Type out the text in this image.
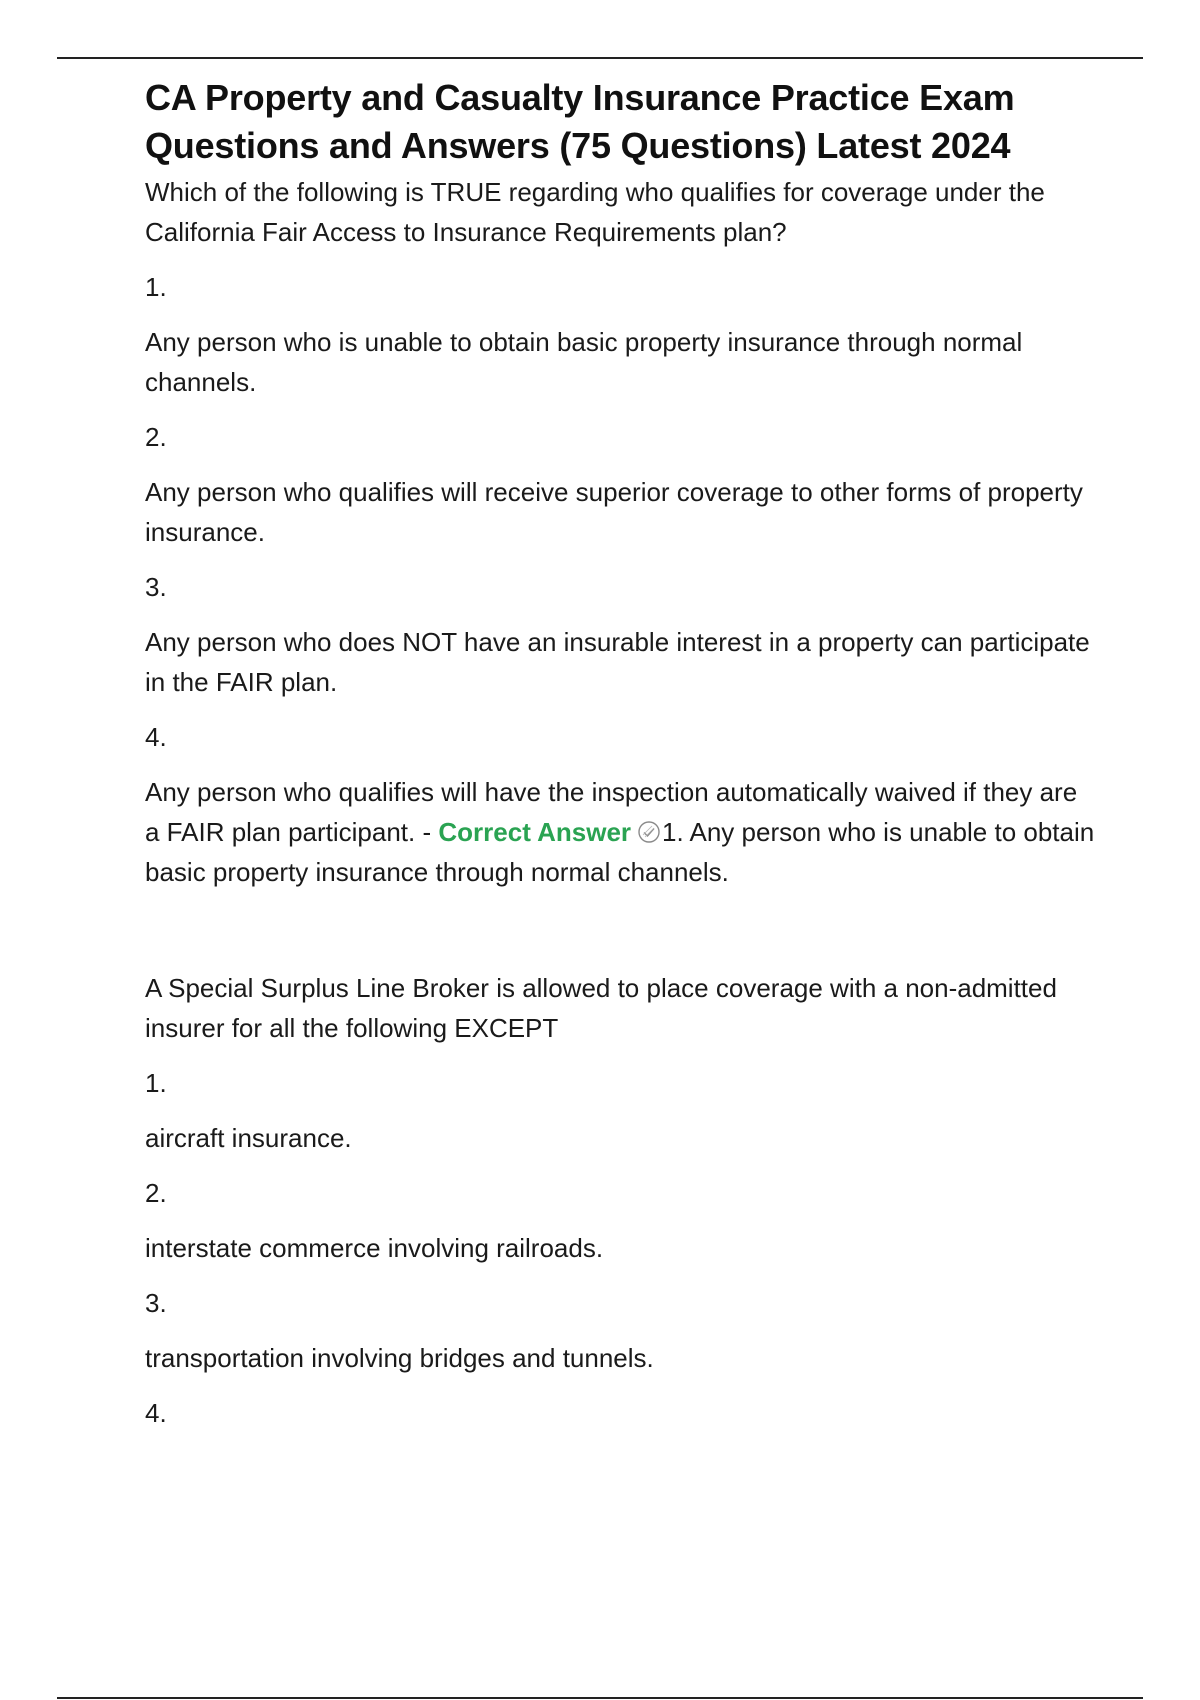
CA Property and Casualty Insurance Practice Exam Questions and Answers (75 Questions) Latest 2024

Which of the following is TRUE regarding who qualifies for coverage under the California Fair Access to Insurance Requirements plan?

1.

Any person who is unable to obtain basic property insurance through normal channels.

2.

Any person who qualifies will receive superior coverage to other forms of property insurance.

3.

Any person who does NOT have an insurable interest in a property can participate in the FAIR plan.

4.

Any person who qualifies will have the inspection automatically waived if they are a FAIR plan participant. - Correct Answer 1. Any person who is unable to obtain basic property insurance through normal channels.

A Special Surplus Line Broker is allowed to place coverage with a non-admitted insurer for all the following EXCEPT

1.

aircraft insurance.

2.

interstate commerce involving railroads.

3.

transportation involving bridges and tunnels.

4.
